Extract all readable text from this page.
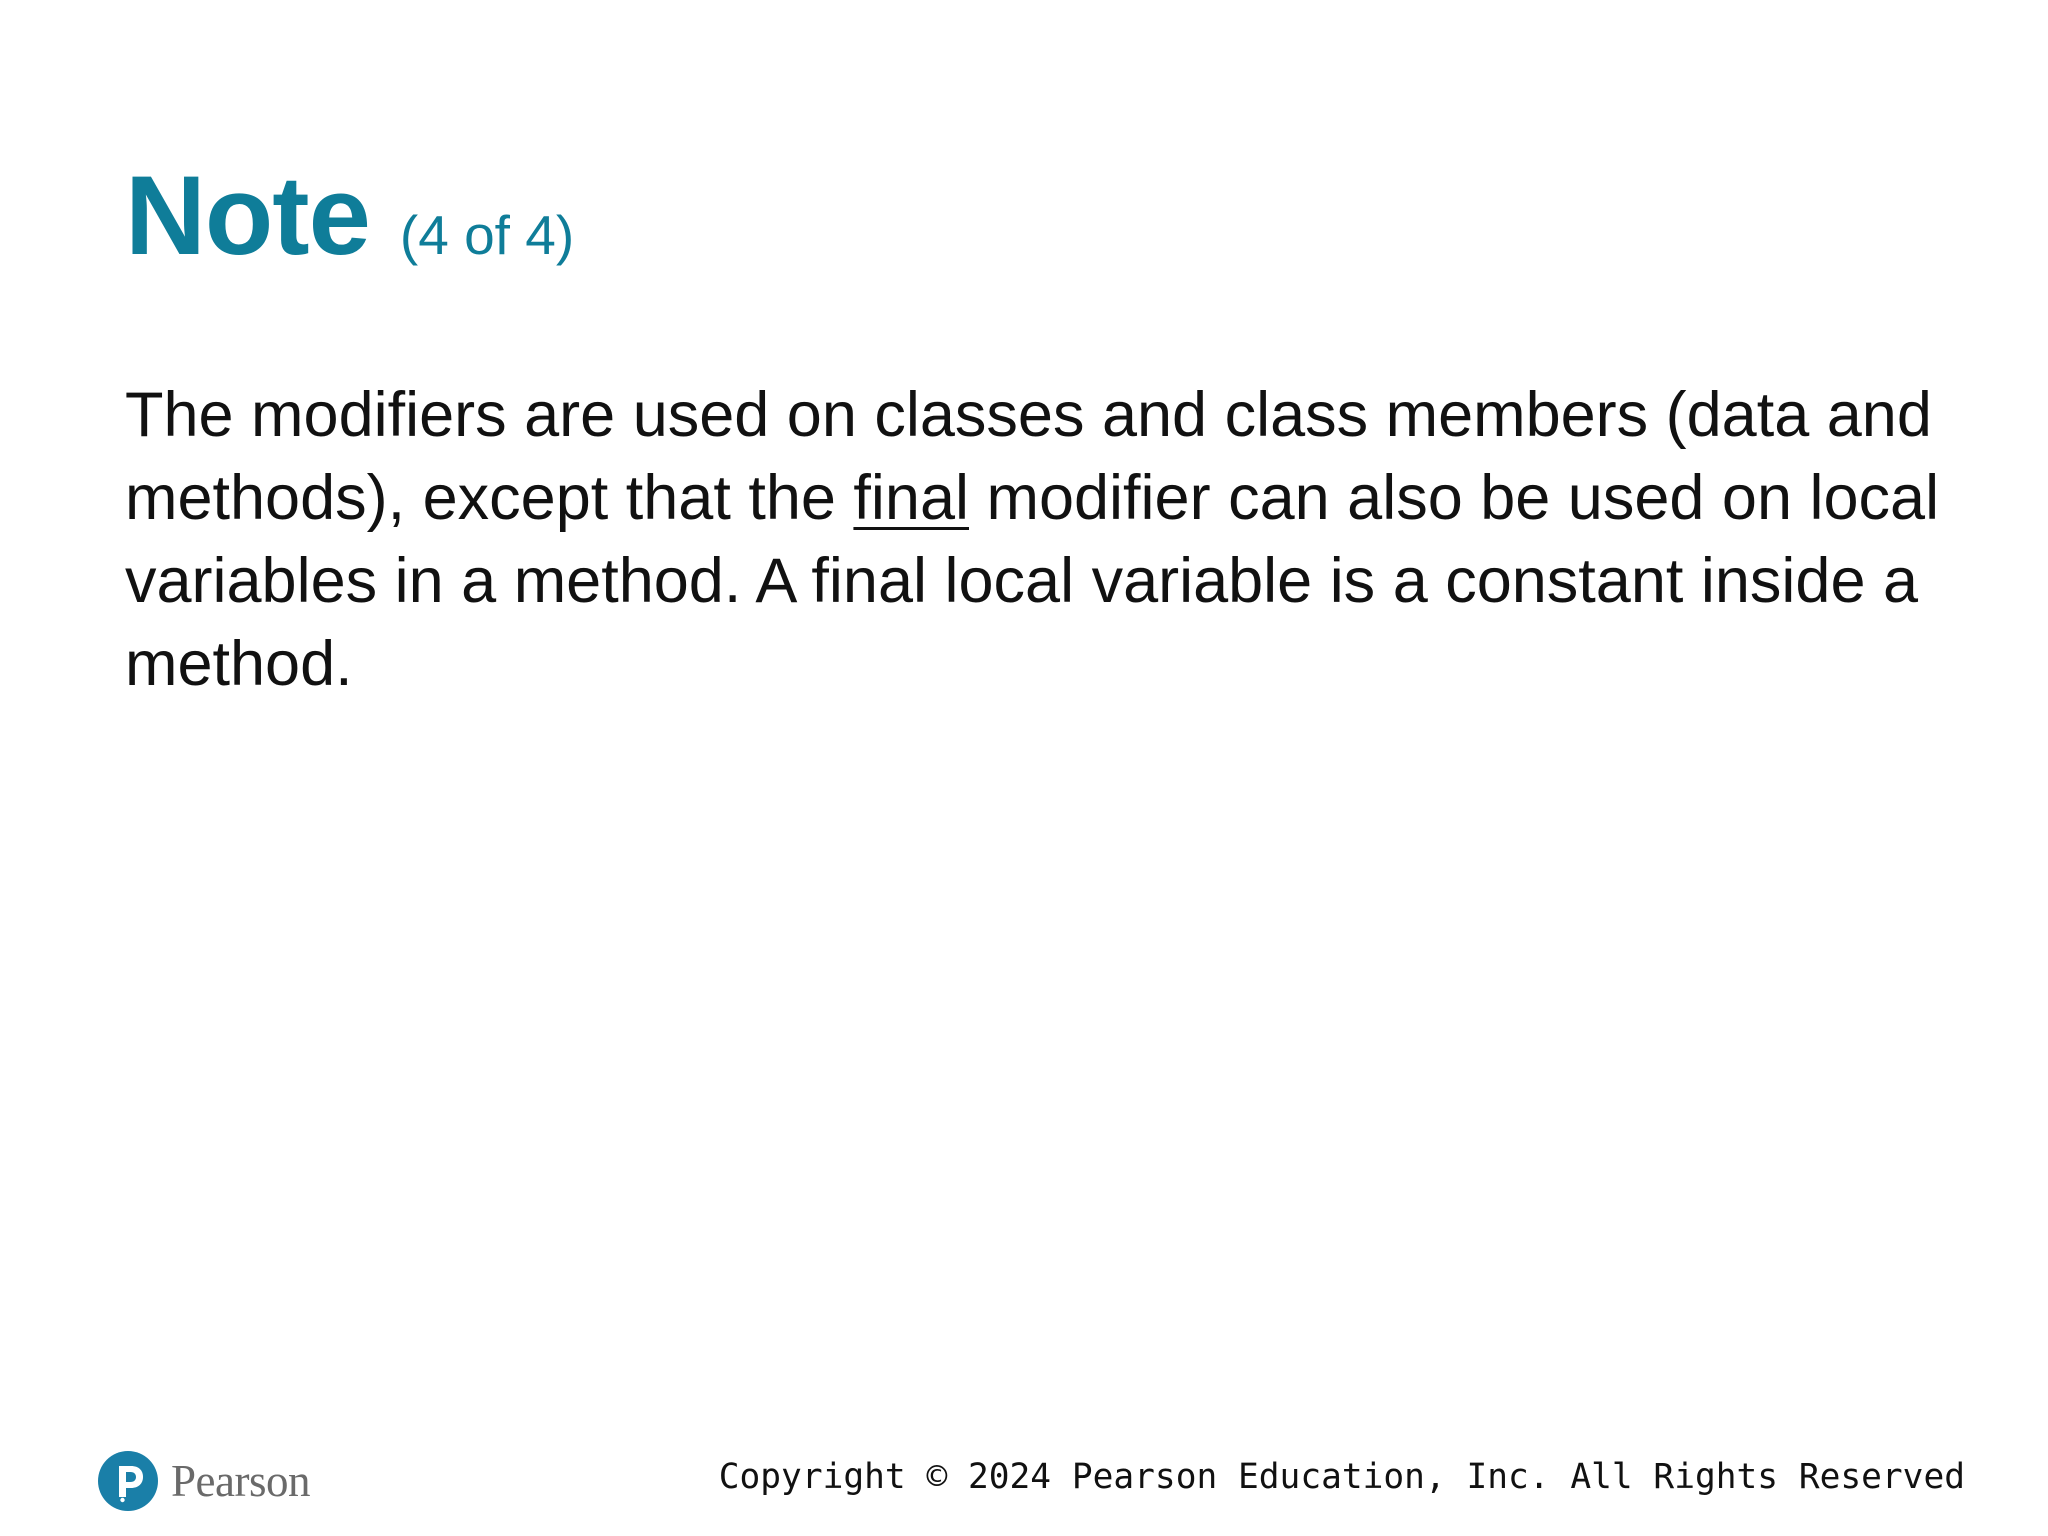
Note (4 of 4)

The modifiers are used on classes and class members (data and methods), except that the final modifier can also be used on local variables in a method. A final local variable is a constant inside a method.

Pearson	Copyright © 2024 Pearson Education, Inc. All Rights Reserved
